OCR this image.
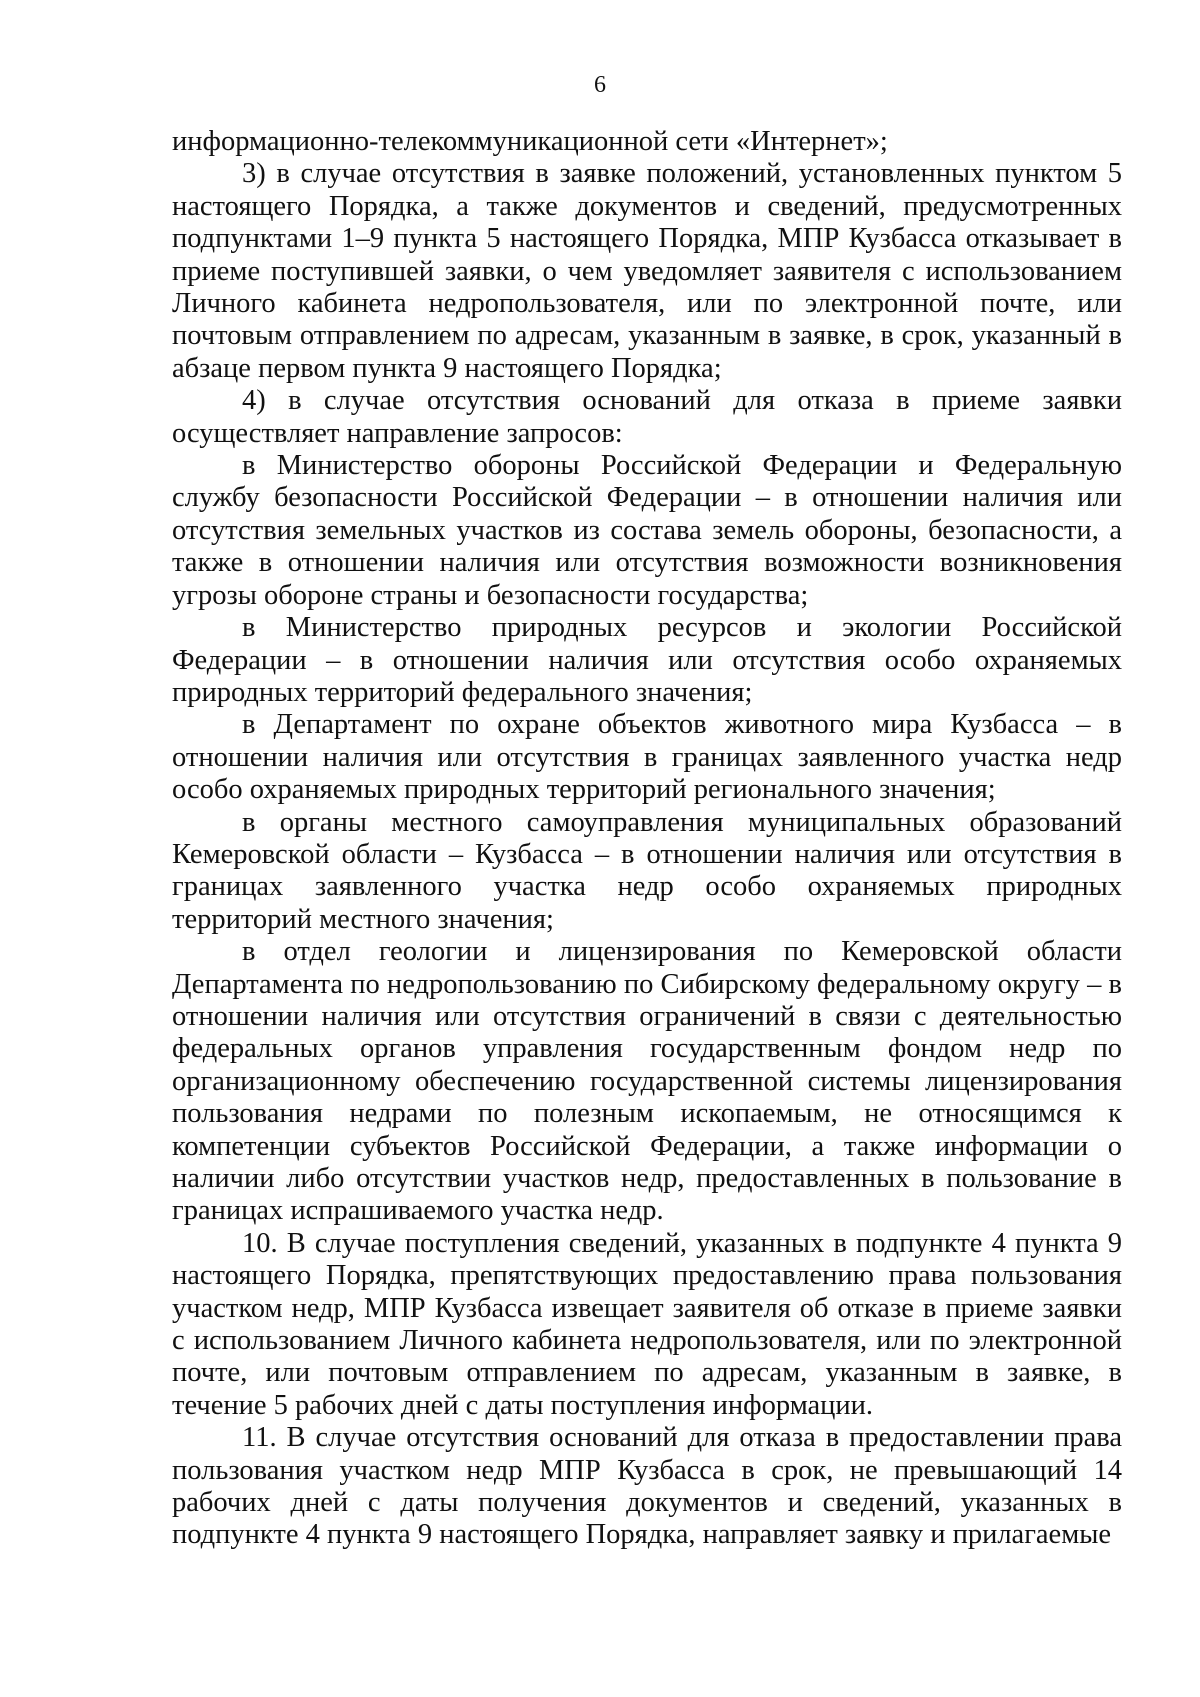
6

информационно-телекоммуникационной сети «Интернет»;

3) в случае отсутствия в заявке положений, установленных пунктом 5 настоящего Порядка, а также документов и сведений, предусмотренных подпунктами 1–9 пункта 5 настоящего Порядка, МПР Кузбасса отказывает в приеме поступившей заявки, о чем уведомляет заявителя с использованием Личного кабинета недропользователя, или по электронной почте, или почтовым отправлением по адресам, указанным в заявке, в срок, указанный в абзаце первом пункта 9 настоящего Порядка;

4) в случае отсутствия оснований для отказа в приеме заявки осуществляет направление запросов:

в Министерство обороны Российской Федерации и Федеральную службу безопасности Российской Федерации – в отношении наличия или отсутствия земельных участков из состава земель обороны, безопасности, а также в отношении наличия или отсутствия возможности возникновения угрозы обороне страны и безопасности государства;

в Министерство природных ресурсов и экологии Российской Федерации – в отношении наличия или отсутствия особо охраняемых природных территорий федерального значения;

в Департамент по охране объектов животного мира Кузбасса – в отношении наличия или отсутствия в границах заявленного участка недр особо охраняемых природных территорий регионального значения;

в органы местного самоуправления муниципальных образований Кемеровской области – Кузбасса – в отношении наличия или отсутствия в границах заявленного участка недр особо охраняемых природных территорий местного значения;

в отдел геологии и лицензирования по Кемеровской области Департамента по недропользованию по Сибирскому федеральному округу – в отношении наличия или отсутствия ограничений в связи с деятельностью федеральных органов управления государственным фондом недр по организационному обеспечению государственной системы лицензирования пользования недрами по полезным ископаемым, не относящимся к компетенции субъектов Российской Федерации, а также информации о наличии либо отсутствии участков недр, предоставленных в пользование в границах испрашиваемого участка недр.

10. В случае поступления сведений, указанных в подпункте 4 пункта 9 настоящего Порядка, препятствующих предоставлению права пользования участком недр, МПР Кузбасса извещает заявителя об отказе в приеме заявки с использованием Личного кабинета недропользователя, или по электронной почте, или почтовым отправлением по адресам, указанным в заявке, в течение 5 рабочих дней с даты поступления информации.

11. В случае отсутствия оснований для отказа в предоставлении права пользования участком недр МПР Кузбасса в срок, не превышающий 14 рабочих дней с даты получения документов и сведений, указанных в подпункте 4 пункта 9 настоящего Порядка, направляет заявку и прилагаемые
